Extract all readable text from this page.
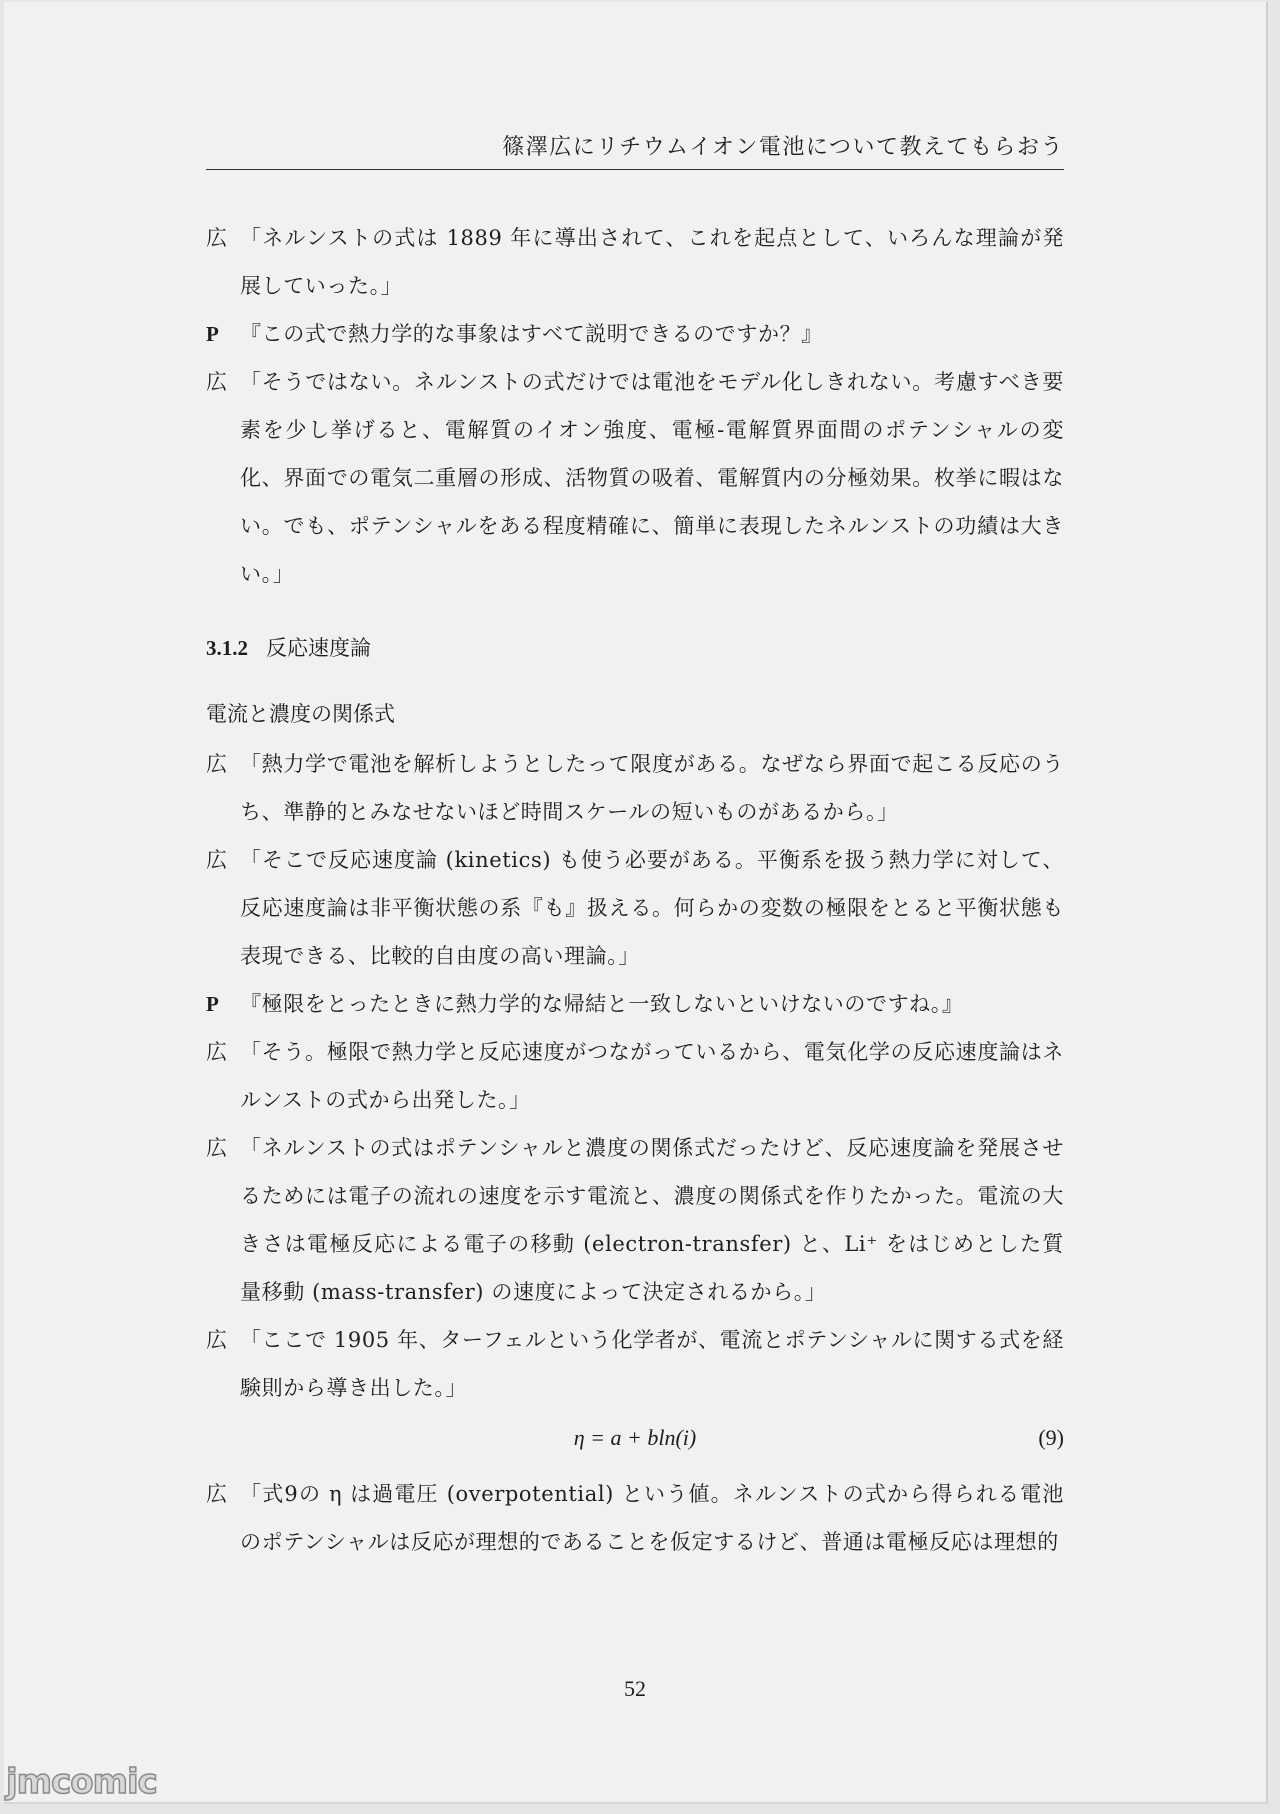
篠澤広にリチウムイオン電池について教えてもらおう
広 「ネルンストの式は 1889 年に導出されて、これを起点として、いろんな理論が発展していった。」
P 『この式で熱力学的な事象はすべて説明できるのですか？』
広 「そうではない。ネルンストの式だけでは電池をモデル化しきれない。考慮すべき要素を少し挙げると、電解質のイオン強度、電極-電解質界面間のポテンシャルの変化、界面での電気二重層の形成、活物質の吸着、電解質内の分極効果。枚挙に暇はない。でも、ポテンシャルをある程度精確に、簡単に表現したネルンストの功績は大きい。」
3.1.2 反応速度論
電流と濃度の関係式
広 「熱力学で電池を解析しようとしたって限度がある。なぜなら界面で起こる反応のうち、準静的とみなせないほど時間スケールの短いものがあるから。」
広 「そこで反応速度論 (kinetics) も使う必要がある。平衡系を扱う熱力学に対して、反応速度論は非平衡状態の系『も』扱える。何らかの変数の極限をとると平衡状態も表現できる、比較的自由度の高い理論。」
P 『極限をとったときに熱力学的な帰結と一致しないといけないのですね。』
広 「そう。極限で熱力学と反応速度がつながっているから、電気化学の反応速度論はネルンストの式から出発した。」
広 「ネルンストの式はポテンシャルと濃度の関係式だったけど、反応速度論を発展させるためには電子の流れの速度を示す電流と、濃度の関係式を作りたかった。電流の大きさは電極反応による電子の移動 (electron-transfer) と、Li⁺ をはじめとした質量移動 (mass-transfer) の速度によって決定されるから。」
広 「ここで 1905 年、ターフェルという化学者が、電流とポテンシャルに関する式を経験則から導き出した。」
η = a + bln(i)	(9)
広 「式9の η は過電圧 (overpotential) という値。ネルンストの式から得られる電池のポテンシャルは反応が理想的であることを仮定するけど、普通は電極反応は理想的
52
jmcomic
